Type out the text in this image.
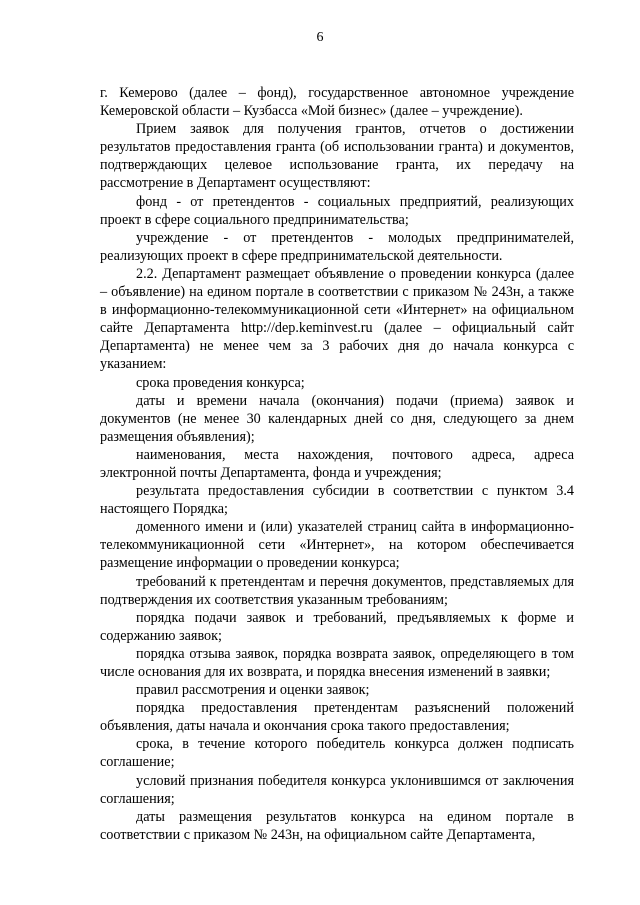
6

г. Кемерово (далее – фонд), государственное автономное учреждение Кемеровской области – Кузбасса «Мой бизнес» (далее – учреждение).

Прием заявок для получения грантов, отчетов о достижении результатов предоставления гранта (об использовании гранта) и документов, подтверждающих целевое использование гранта, их передачу на рассмотрение в Департамент осуществляют:

фонд - от претендентов - социальных предприятий, реализующих проект в сфере социального предпринимательства;

учреждение - от претендентов - молодых предпринимателей, реализующих проект в сфере предпринимательской деятельности.

2.2. Департамент размещает объявление о проведении конкурса (далее – объявление) на едином портале в соответствии с приказом № 243н, а также в информационно-телекоммуникационной сети «Интернет» на официальном сайте Департамента http://dep.keminvest.ru (далее – официальный сайт Департамента) не менее чем за 3 рабочих дня до начала конкурса с указанием:

срока проведения конкурса;

даты и времени начала (окончания) подачи (приема) заявок и документов (не менее 30 календарных дней со дня, следующего за днем размещения объявления);

наименования, места нахождения, почтового адреса, адреса электронной почты Департамента, фонда и учреждения;

результата предоставления субсидии в соответствии с пунктом 3.4 настоящего Порядка;

доменного имени и (или) указателей страниц сайта в информационно-телекоммуникационной сети «Интернет», на котором обеспечивается размещение информации о проведении конкурса;

требований к претендентам и перечня документов, представляемых для подтверждения их соответствия указанным требованиям;

порядка подачи заявок и требований, предъявляемых к форме и содержанию заявок;

порядка отзыва заявок, порядка возврата заявок, определяющего в том числе основания для их возврата, и порядка внесения изменений в заявки;

правил рассмотрения и оценки заявок;

порядка предоставления претендентам разъяснений положений объявления, даты начала и окончания срока такого предоставления;

срока, в течение которого победитель конкурса должен подписать соглашение;

условий признания победителя конкурса уклонившимся от заключения соглашения;

даты размещения результатов конкурса на едином портале в соответствии с приказом № 243н, на официальном сайте Департамента,
